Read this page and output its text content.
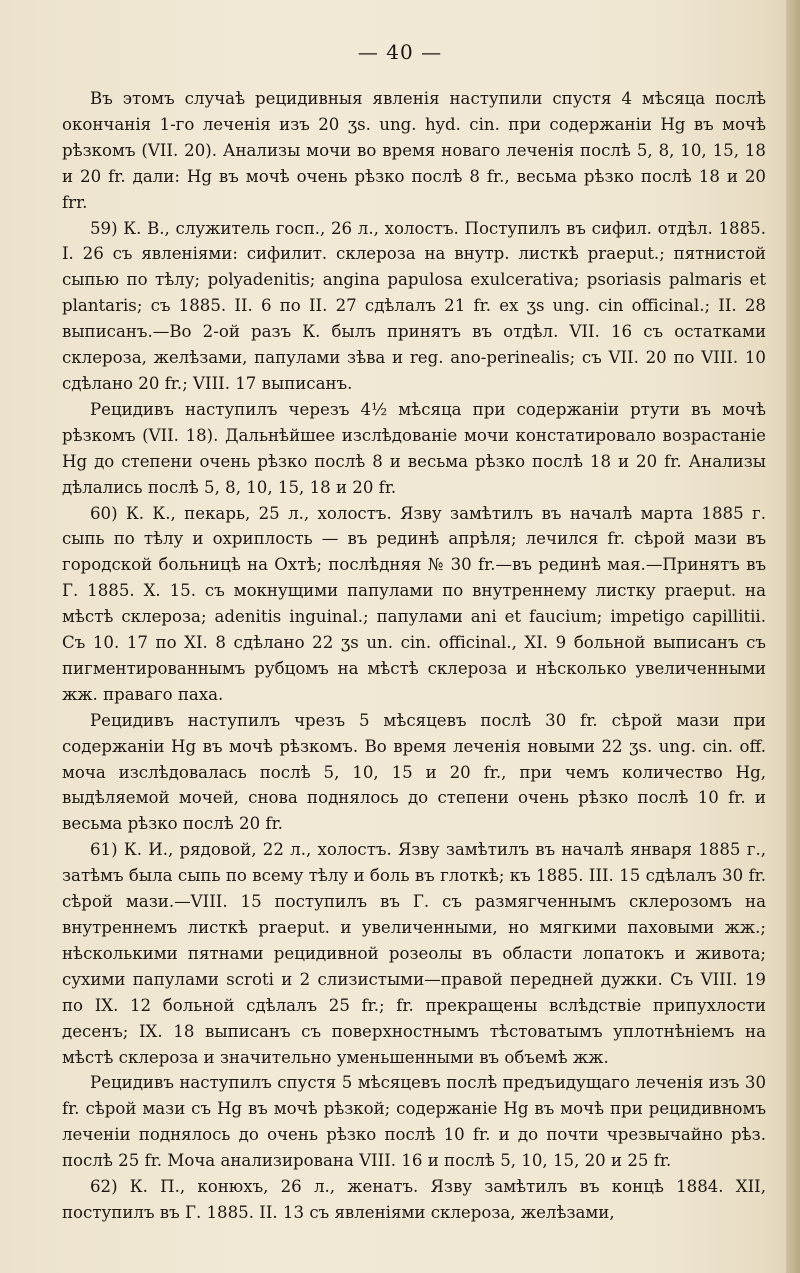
— 40 —

Въ этомъ случаѣ рецидивныя явленія наступили спустя 4 мѣсяца послѣ окончанія 1-го леченія изъ 20 ʒs. ung. hyd. cin. при содержаніи Hg въ мочѣ рѣзкомъ (VII. 20). Анализы мочи во время новаго леченія послѣ 5, 8, 10, 15, 18 и 20 fr. дали: Hg въ мочѣ очень рѣзко послѣ 8 fr., весьма рѣзко послѣ 18 и 20 frr.

59) К. В., служитель госп., 26 л., холостъ. Поступилъ въ сифил. отдѣл. 1885. I. 26 съ явленіями: сифилит. склероза на внутр. листкѣ praeput.; пятнистой сыпью по тѣлу; polyadenitis; angina papulosa exulcerativa; psoriasis palmaris et plantaris; съ 1885. II. 6 по II. 27 сдѣлалъ 21 fr. ex ʒs ung. cin officinal.; II. 28 выписанъ.—Во 2-ой разъ К. былъ принятъ въ отдѣл. VII. 16 съ остатками склероза, желѣзами, папулами зѣва и reg. ano-perinealis; съ VII. 20 по VIII. 10 сдѣлано 20 fr.; VIII. 17 выписанъ.

Рецидивъ наступилъ черезъ 4½ мѣсяца при содержаніи ртути въ мочѣ рѣзкомъ (VII. 18). Дальнѣйшее изслѣдованіе мочи констатировало возрастаніе Hg до степени очень рѣзко послѣ 8 и весьма рѣзко послѣ 18 и 20 fr. Анализы дѣлались послѣ 5, 8, 10, 15, 18 и 20 fr.

60) К. К., пекарь, 25 л., холостъ. Язву замѣтилъ въ началѣ марта 1885 г. сыпь по тѣлу и охриплость — въ рединѣ апрѣля; лечился fr. сѣрой мази въ городской больницѣ на Охтѣ; послѣдняя № 30 fr.—въ рединѣ мая.—Принятъ въ Г. 1885. X. 15. съ мокнущими папулами по внутреннему листку praeput. на мѣстѣ склероза; adenitis inguinal.; папулами ani et faucium; impetigo capillitii. Съ 10. 17 по XI. 8 сдѣлано 22 ʒs un. cin. officinal., XI. 9 больной выписанъ съ пигментированнымъ рубцомъ на мѣстѣ склероза и нѣсколько увеличенными жж. праваго паха.

Рецидивъ наступилъ чрезъ 5 мѣсяцевъ послѣ 30 fr. сѣрой мази при содержаніи Hg въ мочѣ рѣзкомъ. Во время леченія новыми 22 ʒs. ung. cin. off. моча изслѣдовалась послѣ 5, 10, 15 и 20 fr., при чемъ количество Hg, выдѣляемой мочей, снова поднялось до степени очень рѣзко послѣ 10 fr. и весьма рѣзко послѣ 20 fr.

61) К. И., рядовой, 22 л., холостъ. Язву замѣтилъ въ началѣ января 1885 г., затѣмъ была сыпь по всему тѣлу и боль въ глоткѣ; къ 1885. III. 15 сдѣлалъ 30 fr. сѣрой мази.—VIII. 15 поступилъ въ Г. съ размягченнымъ склерозомъ на внутреннемъ листкѣ praeput. и увеличенными, но мягкими паховыми жж.; нѣсколькими пятнами рецидивной розеолы въ области лопатокъ и живота; сухими папулами scroti и 2 слизистыми—правой передней дужки. Съ VIII. 19 по IX. 12 больной сдѣлалъ 25 fr.; fr. прекращены вслѣдствіе припухлости десенъ; IX. 18 выписанъ съ поверхностнымъ тѣстоватымъ уплотнѣніемъ на мѣстѣ склероза и значительно уменьшенными въ объемѣ жж.

Рецидивъ наступилъ спустя 5 мѣсяцевъ послѣ предъидущаго леченія изъ 30 fr. сѣрой мази съ Hg въ мочѣ рѣзкой; содержаніе Hg въ мочѣ при рецидивномъ леченіи поднялось до очень рѣзко послѣ 10 fr. и до почти чрезвычайно рѣз. послѣ 25 fr. Моча анализирована VIII. 16 и послѣ 5, 10, 15, 20 и 25 fr.

62) К. П., конюхъ, 26 л., женатъ. Язву замѣтилъ въ концѣ 1884. XII, поступилъ въ Г. 1885. II. 13 съ явленіями склероза, желѣзами,
